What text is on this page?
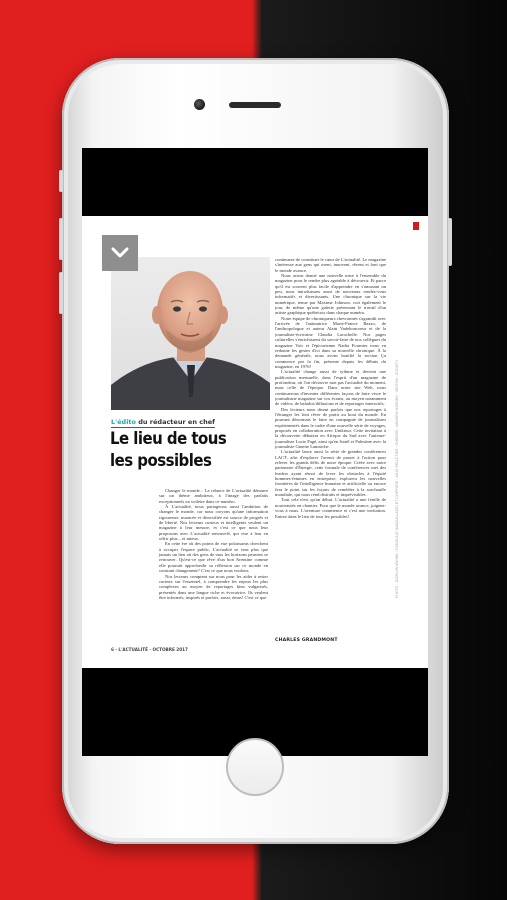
L'édito du rédacteur en chef
Le lieu de tous
les possibles

Changer le monde... La relance de L'actualité démarre sur un thème ambitieux, à l'image des parfaits exceptionnels en voilette dans ce numéro.

À L'actualité, nous partageons aussi l'ambition de changer le monde, car nous croyons qu'une information rigoureuse, nuancée et diversifiée est source de progrès et de liberté. Nos lecteurs curieux et intelligents veulent un magazine à leur mesure, et c'est ce que nous leur proposons avec L'actualité renouvelé, qui vise à leur en offrir plus... et mieux.

En cette ère où des points de vue polarisants cherchent à occuper l'espace public, L'actualité se veut plus que jamais un lieu où des gens de tous les horizons peuvent se retrouver. Qu'est-ce que rêve d'un bon Aventine comme elle pourrait approfondir sa réflexion sur ce monde en constant changement? C'est ce que nous voulons.

Nos lecteurs comptent sur nous pour les aider à rester curieux sur l'essentiel, à comprendre les enjeux les plus complexes au moyen de reportages bien vulgarisés, présentés dans une langue riche et évocatrice. Ils veulent être informés, inspirés et parfois, aussi, émus! C'est ce que

continuera de constituer le cœur de L'actualité. Le magazine s'intéresse aux gens qui osent, innovent, rêvent et font que le monde avance.

Nous avons donné une nouvelle mise à l'ensemble du magazine pour le rendre plus agréable à découvrir. Et parce qu'il est souvent plus facile d'apprendre en s'amusant un peu, nous introduisons aussi de nouveaux rendez-vous informatifs et divertissants. Une chronique sur la vie numérique, tenue par Maxime Johnson, voit également le jour, de même qu'une galerie présentant le travail d'un artiste graphique québécois dans chaque numéro.

Notre équipe de chroniqueurs chevronnés s'agrandit avec l'arrivée de l'animatrice Marie-France Bazzo, de l'anthropologue et auteur Alain Vadeboncoeur et de la journaliste-écrivaine Claudia Larochelle. Nos pages culturelles s'enrichissent du savoir-faire de nos collègues du magazine Voir et l'épicurienne Nadia Fournier nous en redonne les gestes d'ici dans sa nouvelle chronique. À la demande générale, nous avons bonifié la section Ça commence par la fin, présente depuis les débuts du magazine, en 1976!

L'actualité change aussi de rythme et devient une publication mensuelle, dans l'esprit d'un magazine de profondeur, où l'on découvre non pas l'actualité du moment, mais celle de l'époque. Dans notre site Web, nous continuerons d'inventer différentes façons de faire vivre le journalisme magazine sur vos écrans, au moyen notamment de vidéos, de balados/diffusions et de reportages interactifs.

Des lecteurs nous disent parfois que nos reportages à l'étranger les font rêver de partir au bout du monde. En pouvant désormais le faire en compagnie de journalistes expérimentés dans le cadre d'une nouvelle série de voyages, proposés en collaboration avec Uniktour. Cette invitation à la découverte débutera en Afrique du Sud avec l'auteure-journaliste Lucie Pagé, ainsi qu'en Israël et Palestine avec la journaliste Ginette Lamarche.

L'actualité lance aussi la série de grandes conférences LACT, afin d'explorer l'avenir de passer à l'action pour relever les grands défis de notre époque. Créée avec notre partenaire d'Énergir, cette formule de conférences met des leaders ayant réussi de lever les obstacles à l'équité hommes-femmes en entreprise, explorera les nouvelles frontières de l'intelligence humaine et artificielle ou encore fera le point sur les façons de remédier à la surchauffe mondiale, qui nous rend distraits et imprévisibles.

Tout cela n'est qu'un début. L'actualité a une feuille de nouveautés en chantier. Pour que le monde avance, joignez-vous à nous. L'aventure commence et c'est une invitation. Entrez dans le lieu de tous les possibles!

CHARLES GRANDMONT
PHOTO : JOCELYN MICHEL / CONSULAT (MAQUILLAGE) ET COIFFURE : JULIE PELLETIER · CHEMISE : ANDREW HARDEN · VESTON : SOCIETY
6 · L'ACTUALITÉ · OCTOBRE 2017
